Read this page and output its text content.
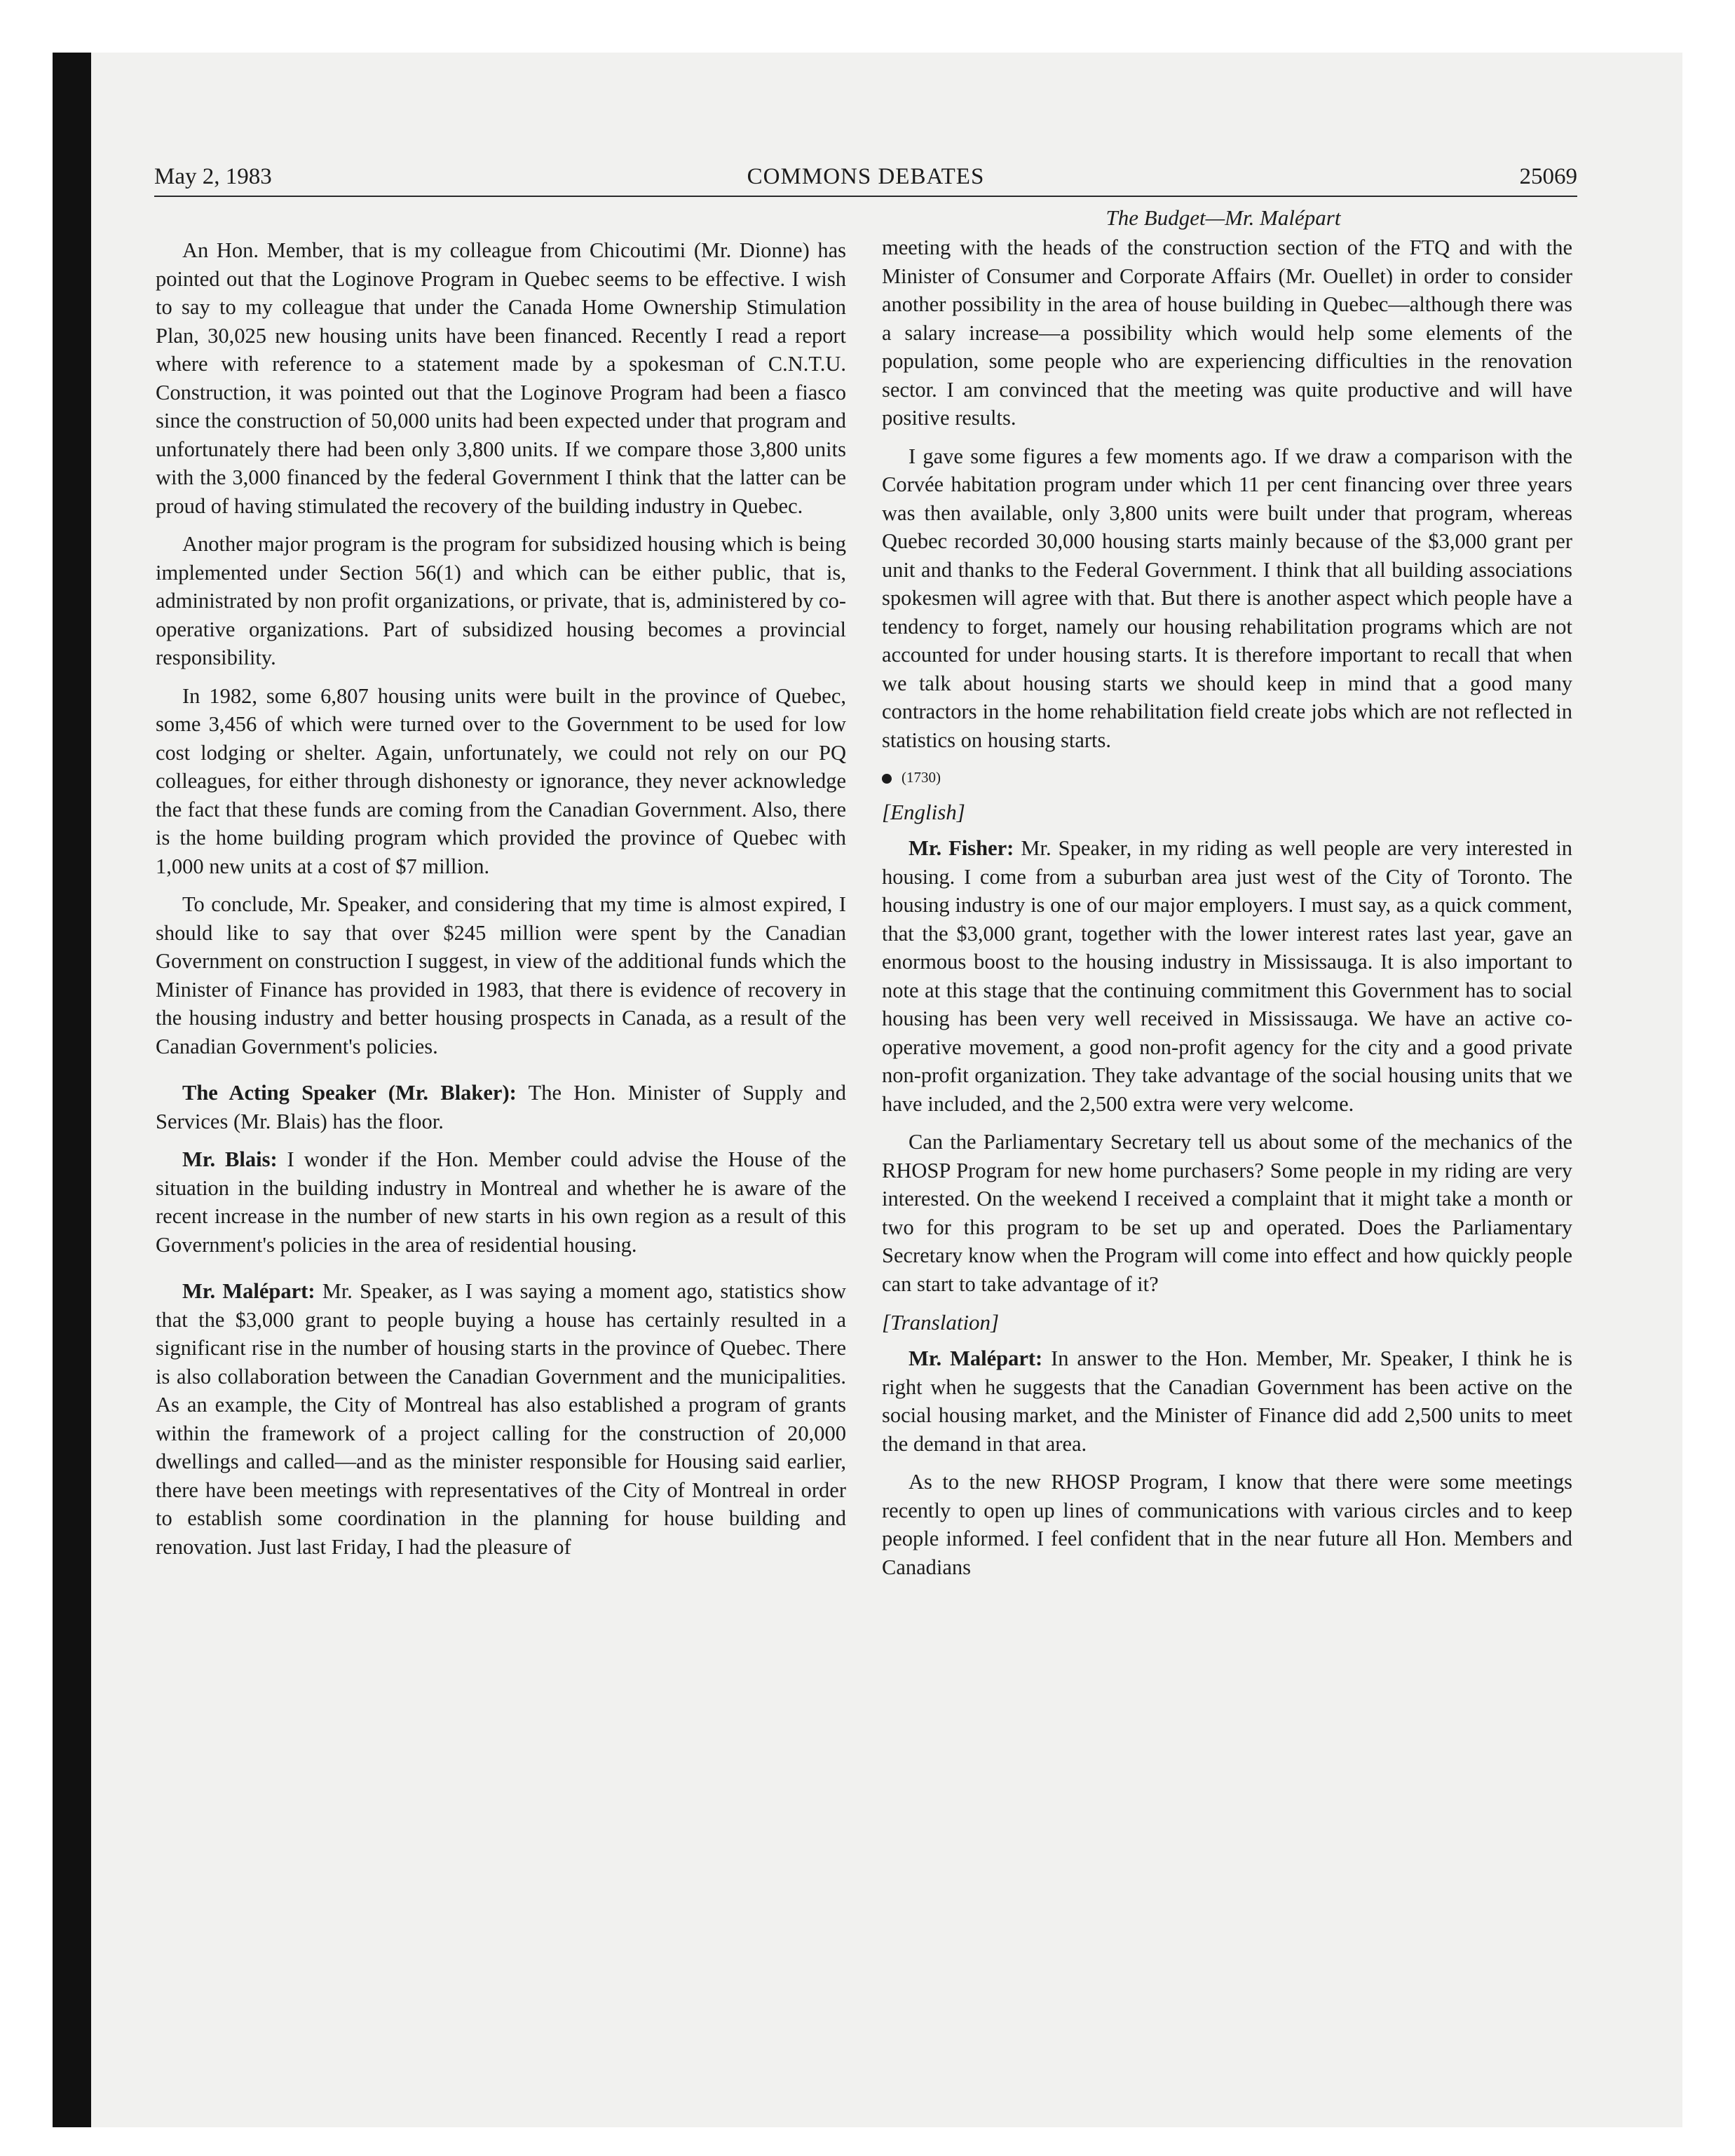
May 2, 1983	COMMONS DEBATES	25069
The Budget—Mr. Malépart

An Hon. Member, that is my colleague from Chicoutimi (Mr. Dionne) has pointed out that the Loginove Program in Quebec seems to be effective. I wish to say to my colleague that under the Canada Home Ownership Stimulation Plan, 30,025 new housing units have been financed. Recently I read a report where with reference to a statement made by a spokesman of C.N.T.U. Construction, it was pointed out that the Loginove Program had been a fiasco since the construction of 50,000 units had been expected under that program and unfortunately there had been only 3,800 units. If we compare those 3,800 units with the 3,000 financed by the federal Government I think that the latter can be proud of having stimulated the recovery of the building industry in Quebec.

Another major program is the program for subsidized housing which is being implemented under Section 56(1) and which can be either public, that is, administrated by non profit organizations, or private, that is, administered by co-operative organizations. Part of subsidized housing becomes a provincial responsibility.

In 1982, some 6,807 housing units were built in the province of Quebec, some 3,456 of which were turned over to the Government to be used for low cost lodging or shelter. Again, unfortunately, we could not rely on our PQ colleagues, for either through dishonesty or ignorance, they never acknowledge the fact that these funds are coming from the Canadian Government. Also, there is the home building program which provided the province of Quebec with 1,000 new units at a cost of $7 million.

To conclude, Mr. Speaker, and considering that my time is almost expired, I should like to say that over $245 million were spent by the Canadian Government on construction I suggest, in view of the additional funds which the Minister of Finance has provided in 1983, that there is evidence of recovery in the housing industry and better housing prospects in Canada, as a result of the Canadian Government's policies.

The Acting Speaker (Mr. Blaker): The Hon. Minister of Supply and Services (Mr. Blais) has the floor.

Mr. Blais: I wonder if the Hon. Member could advise the House of the situation in the building industry in Montreal and whether he is aware of the recent increase in the number of new starts in his own region as a result of this Government's policies in the area of residential housing.

Mr. Malépart: Mr. Speaker, as I was saying a moment ago, statistics show that the $3,000 grant to people buying a house has certainly resulted in a significant rise in the number of housing starts in the province of Quebec. There is also collaboration between the Canadian Government and the municipalities. As an example, the City of Montreal has also established a program of grants within the framework of a project calling for the construction of 20,000 dwellings and called—and as the minister responsible for Housing said earlier, there have been meetings with representatives of the City of Montreal in order to establish some coordination in the planning for house building and renovation. Just last Friday, I had the pleasure of

meeting with the heads of the construction section of the FTQ and with the Minister of Consumer and Corporate Affairs (Mr. Ouellet) in order to consider another possibility in the area of house building in Quebec—although there was a salary increase—a possibility which would help some elements of the population, some people who are experiencing difficulties in the renovation sector. I am convinced that the meeting was quite productive and will have positive results.

I gave some figures a few moments ago. If we draw a comparison with the Corvée habitation program under which 11 per cent financing over three years was then available, only 3,800 units were built under that program, whereas Quebec recorded 30,000 housing starts mainly because of the $3,000 grant per unit and thanks to the Federal Government. I think that all building associations spokesmen will agree with that. But there is another aspect which people have a tendency to forget, namely our housing rehabilitation programs which are not accounted for under housing starts. It is therefore important to recall that when we talk about housing starts we should keep in mind that a good many contractors in the home rehabilitation field create jobs which are not reflected in statistics on housing starts.

(1730)
[English]

Mr. Fisher: Mr. Speaker, in my riding as well people are very interested in housing. I come from a suburban area just west of the City of Toronto. The housing industry is one of our major employers. I must say, as a quick comment, that the $3,000 grant, together with the lower interest rates last year, gave an enormous boost to the housing industry in Mississauga. It is also important to note at this stage that the continuing commitment this Government has to social housing has been very well received in Mississauga. We have an active co-operative movement, a good non-profit agency for the city and a good private non-profit organization. They take advantage of the social housing units that we have included, and the 2,500 extra were very welcome.

Can the Parliamentary Secretary tell us about some of the mechanics of the RHOSP Program for new home purchasers? Some people in my riding are very interested. On the weekend I received a complaint that it might take a month or two for this program to be set up and operated. Does the Parliamentary Secretary know when the Program will come into effect and how quickly people can start to take advantage of it?

[Translation]

Mr. Malépart: In answer to the Hon. Member, Mr. Speaker, I think he is right when he suggests that the Canadian Government has been active on the social housing market, and the Minister of Finance did add 2,500 units to meet the demand in that area.

As to the new RHOSP Program, I know that there were some meetings recently to open up lines of communications with various circles and to keep people informed. I feel confident that in the near future all Hon. Members and Canadians
